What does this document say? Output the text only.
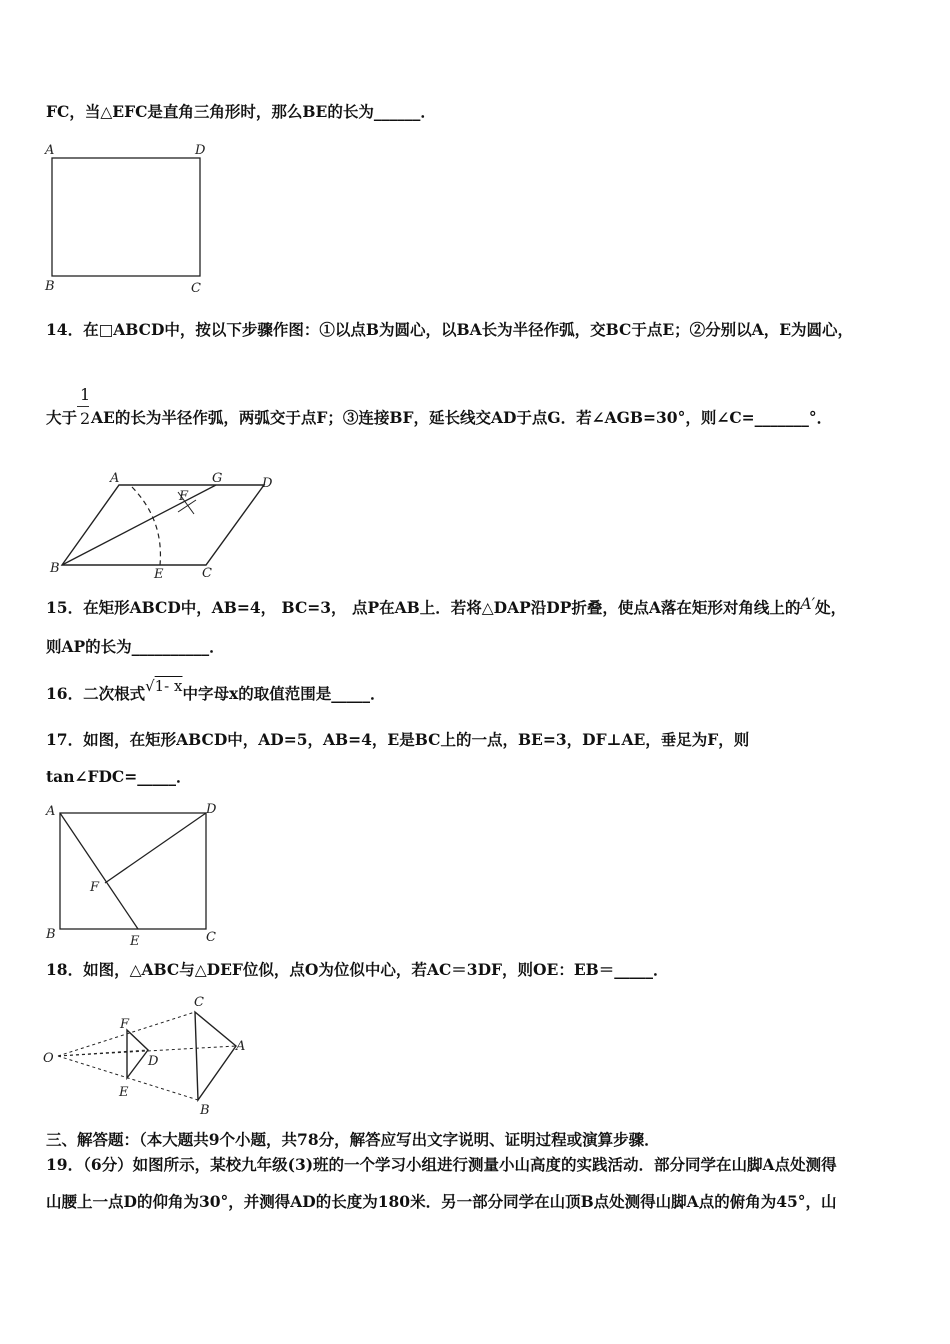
FC，当△EFC是直角三角形时，那么BE的长为______．
A	D
B	C
14．在□ABCD中，按以下步骤作图：①以点B为圆心，以BA长为半径作弧，交BC于点E；②分别以A，E为圆心，
大于 $\frac{1}{2}$ AE的长为半径作弧，两弧交于点F；③连接BF，延长线交AD于点G．若∠AGB=30°，则∠C=_______°．
A	G	D
F
B	E	C
15．在矩形ABCD中，AB=4， BC=3， 点P在AB上．若将△DAP沿DP折叠，使点A落在矩形对角线上的A′处，
则AP的长为__________．
16．二次根式√1- x中字母x的取值范围是_____．
17．如图，在矩形ABCD中，AD=5，AB=4，E是BC上的一点，BE=3，DF⊥AE，垂足为F，则
tan∠FDC=_____．
A	D
F
B	E	C
18．如图，△ABC与△DEF位似，点O为位似中心，若AC＝3DF，则OE：EB＝_____．
O
F
D
E
C
A
B
三、解答题：（本大题共9个小题，共78分，解答应写出文字说明、证明过程或演算步骤．
19．（6分）如图所示，某校九年级(3)班的一个学习小组进行测量小山高度的实践活动．部分同学在山脚A点处测得
山腰上一点D的仰角为30°，并测得AD的长度为180米．另一部分同学在山顶B点处测得山脚A点的俯角为45°，山
